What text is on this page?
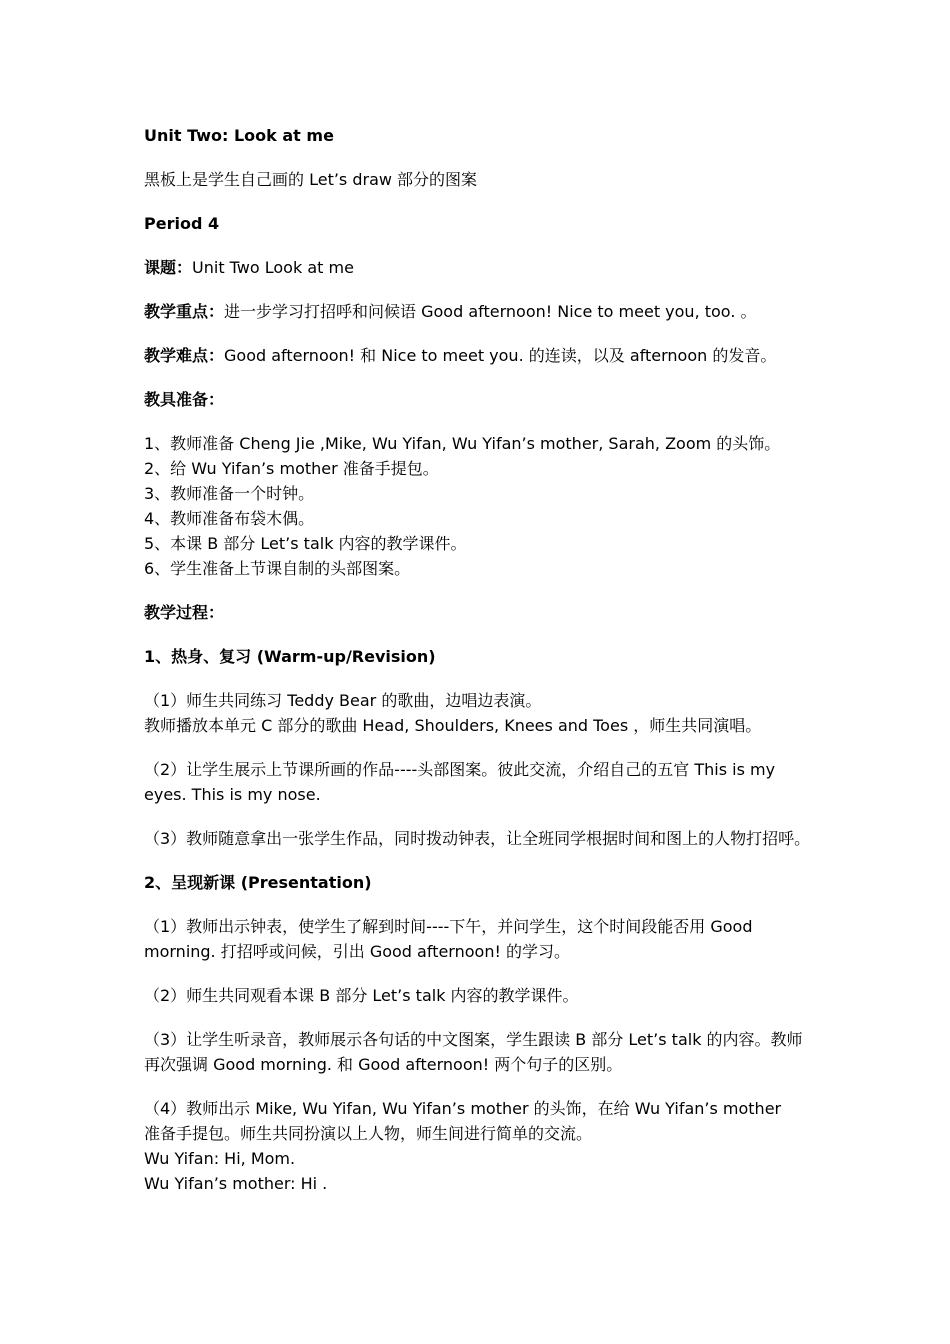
Unit Two: Look at me
黑板上是学生自己画的 Let’s draw 部分的图案
Period 4
课题：Unit Two Look at me
教学重点：进一步学习打招呼和问候语 Good afternoon! Nice to meet you, too. 。
教学难点：Good afternoon! 和 Nice to meet you. 的连读，以及 afternoon 的发音。
教具准备：
1、教师准备 Cheng Jie ,Mike, Wu Yifan, Wu Yifan’s mother, Sarah, Zoom 的头饰。
2、给 Wu Yifan’s mother 准备手提包。
3、教师准备一个时钟。
4、教师准备布袋木偶。
5、本课 B 部分 Let’s talk 内容的教学课件。
6、学生准备上节课自制的头部图案。
教学过程：
1、热身、复习 (Warm-up/Revision)
（1）师生共同练习 Teddy Bear 的歌曲，边唱边表演。
教师播放本单元 C 部分的歌曲 Head, Shoulders, Knees and Toes ，师生共同演唱。
（2）让学生展示上节课所画的作品----头部图案。彼此交流，介绍自己的五官 This is my
eyes. This is my nose.
（3）教师随意拿出一张学生作品，同时拨动钟表，让全班同学根据时间和图上的人物打招呼。
2、呈现新课 (Presentation)
（1）教师出示钟表，使学生了解到时间----下午，并问学生，这个时间段能否用 Good
morning. 打招呼或问候，引出 Good afternoon! 的学习。
（2）师生共同观看本课 B 部分 Let’s talk 内容的教学课件。
（3）让学生听录音，教师展示各句话的中文图案，学生跟读 B 部分 Let’s talk 的内容。教师
再次强调 Good morning. 和 Good afternoon! 两个句子的区别。
（4）教师出示 Mike, Wu Yifan, Wu Yifan’s mother 的头饰，在给 Wu Yifan’s mother
准备手提包。师生共同扮演以上人物，师生间进行简单的交流。
Wu Yifan: Hi, Mom.
Wu Yifan’s mother: Hi .
